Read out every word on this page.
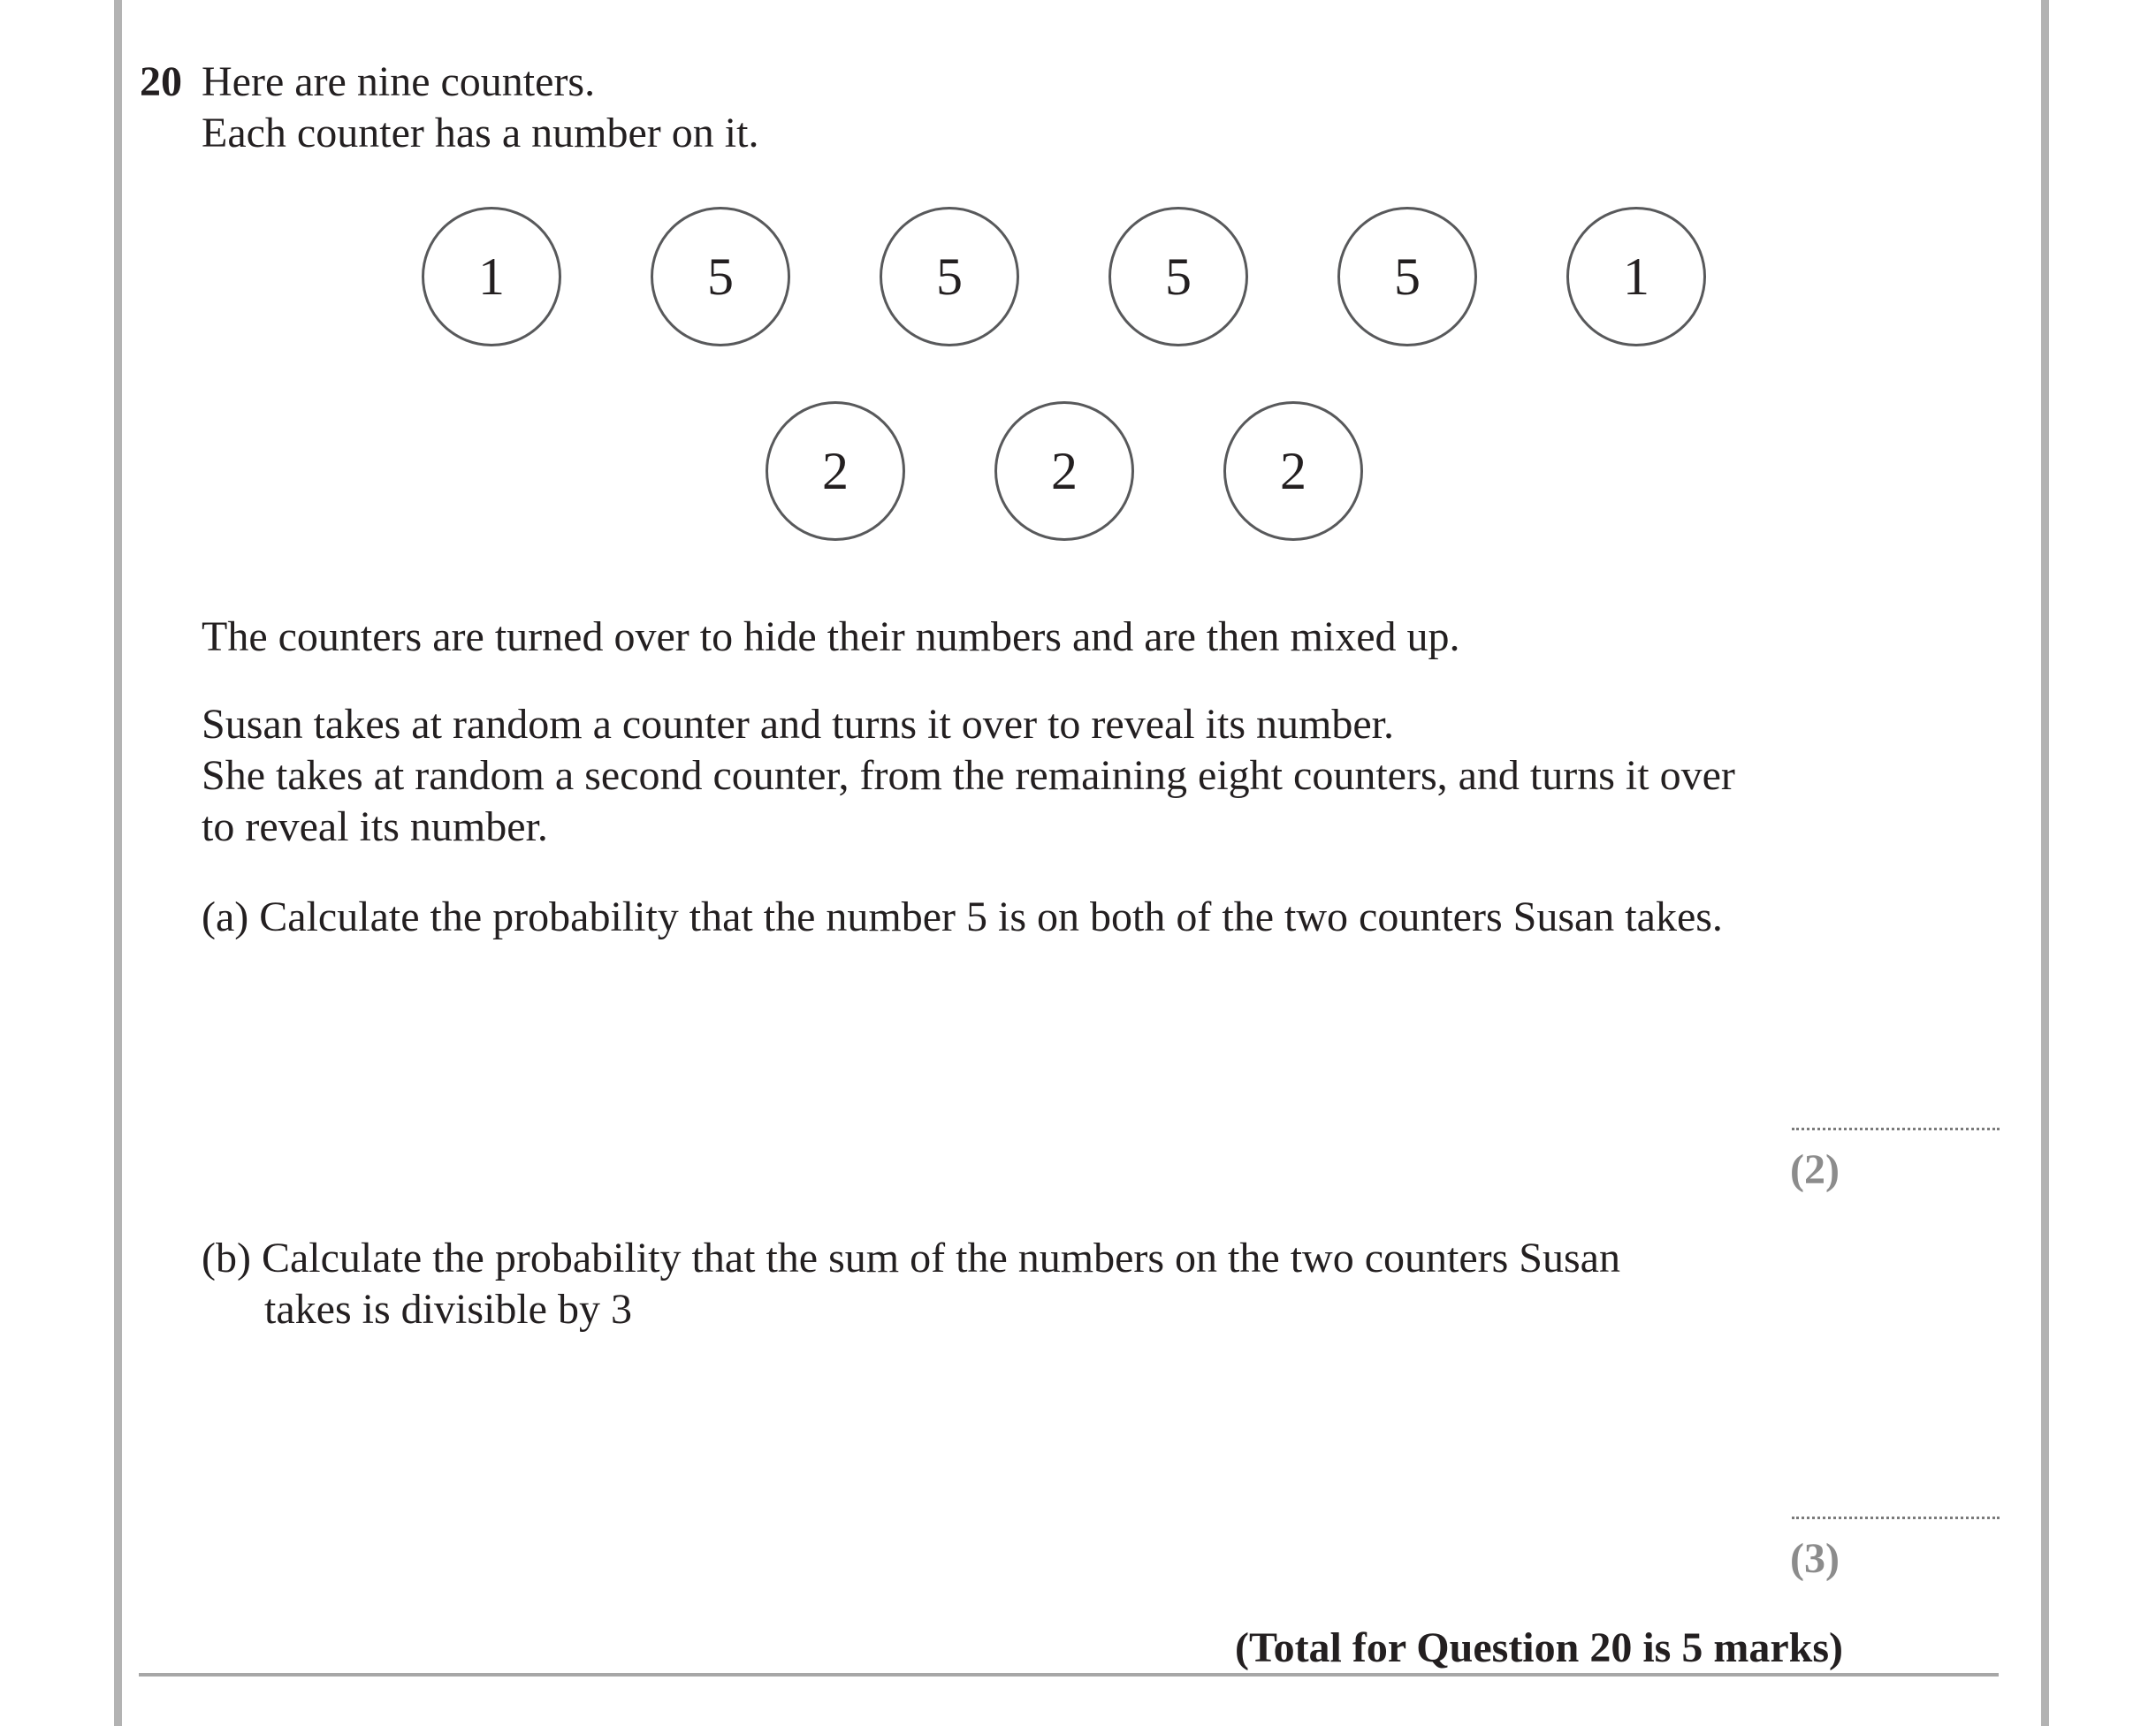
20 Here are nine counters.
Each counter has a number on it.
1	5	5	5	5	1
2	2	2
The counters are turned over to hide their numbers and are then mixed up.
Susan takes at random a counter and turns it over to reveal its number.
She takes at random a second counter, from the remaining eight counters, and turns it over
to reveal its number.
(a) Calculate the probability that the number 5 is on both of the two counters Susan takes.
(2)
(b) Calculate the probability that the sum of the numbers on the two counters Susan
takes is divisible by 3
(3)
(Total for Question 20 is 5 marks)
